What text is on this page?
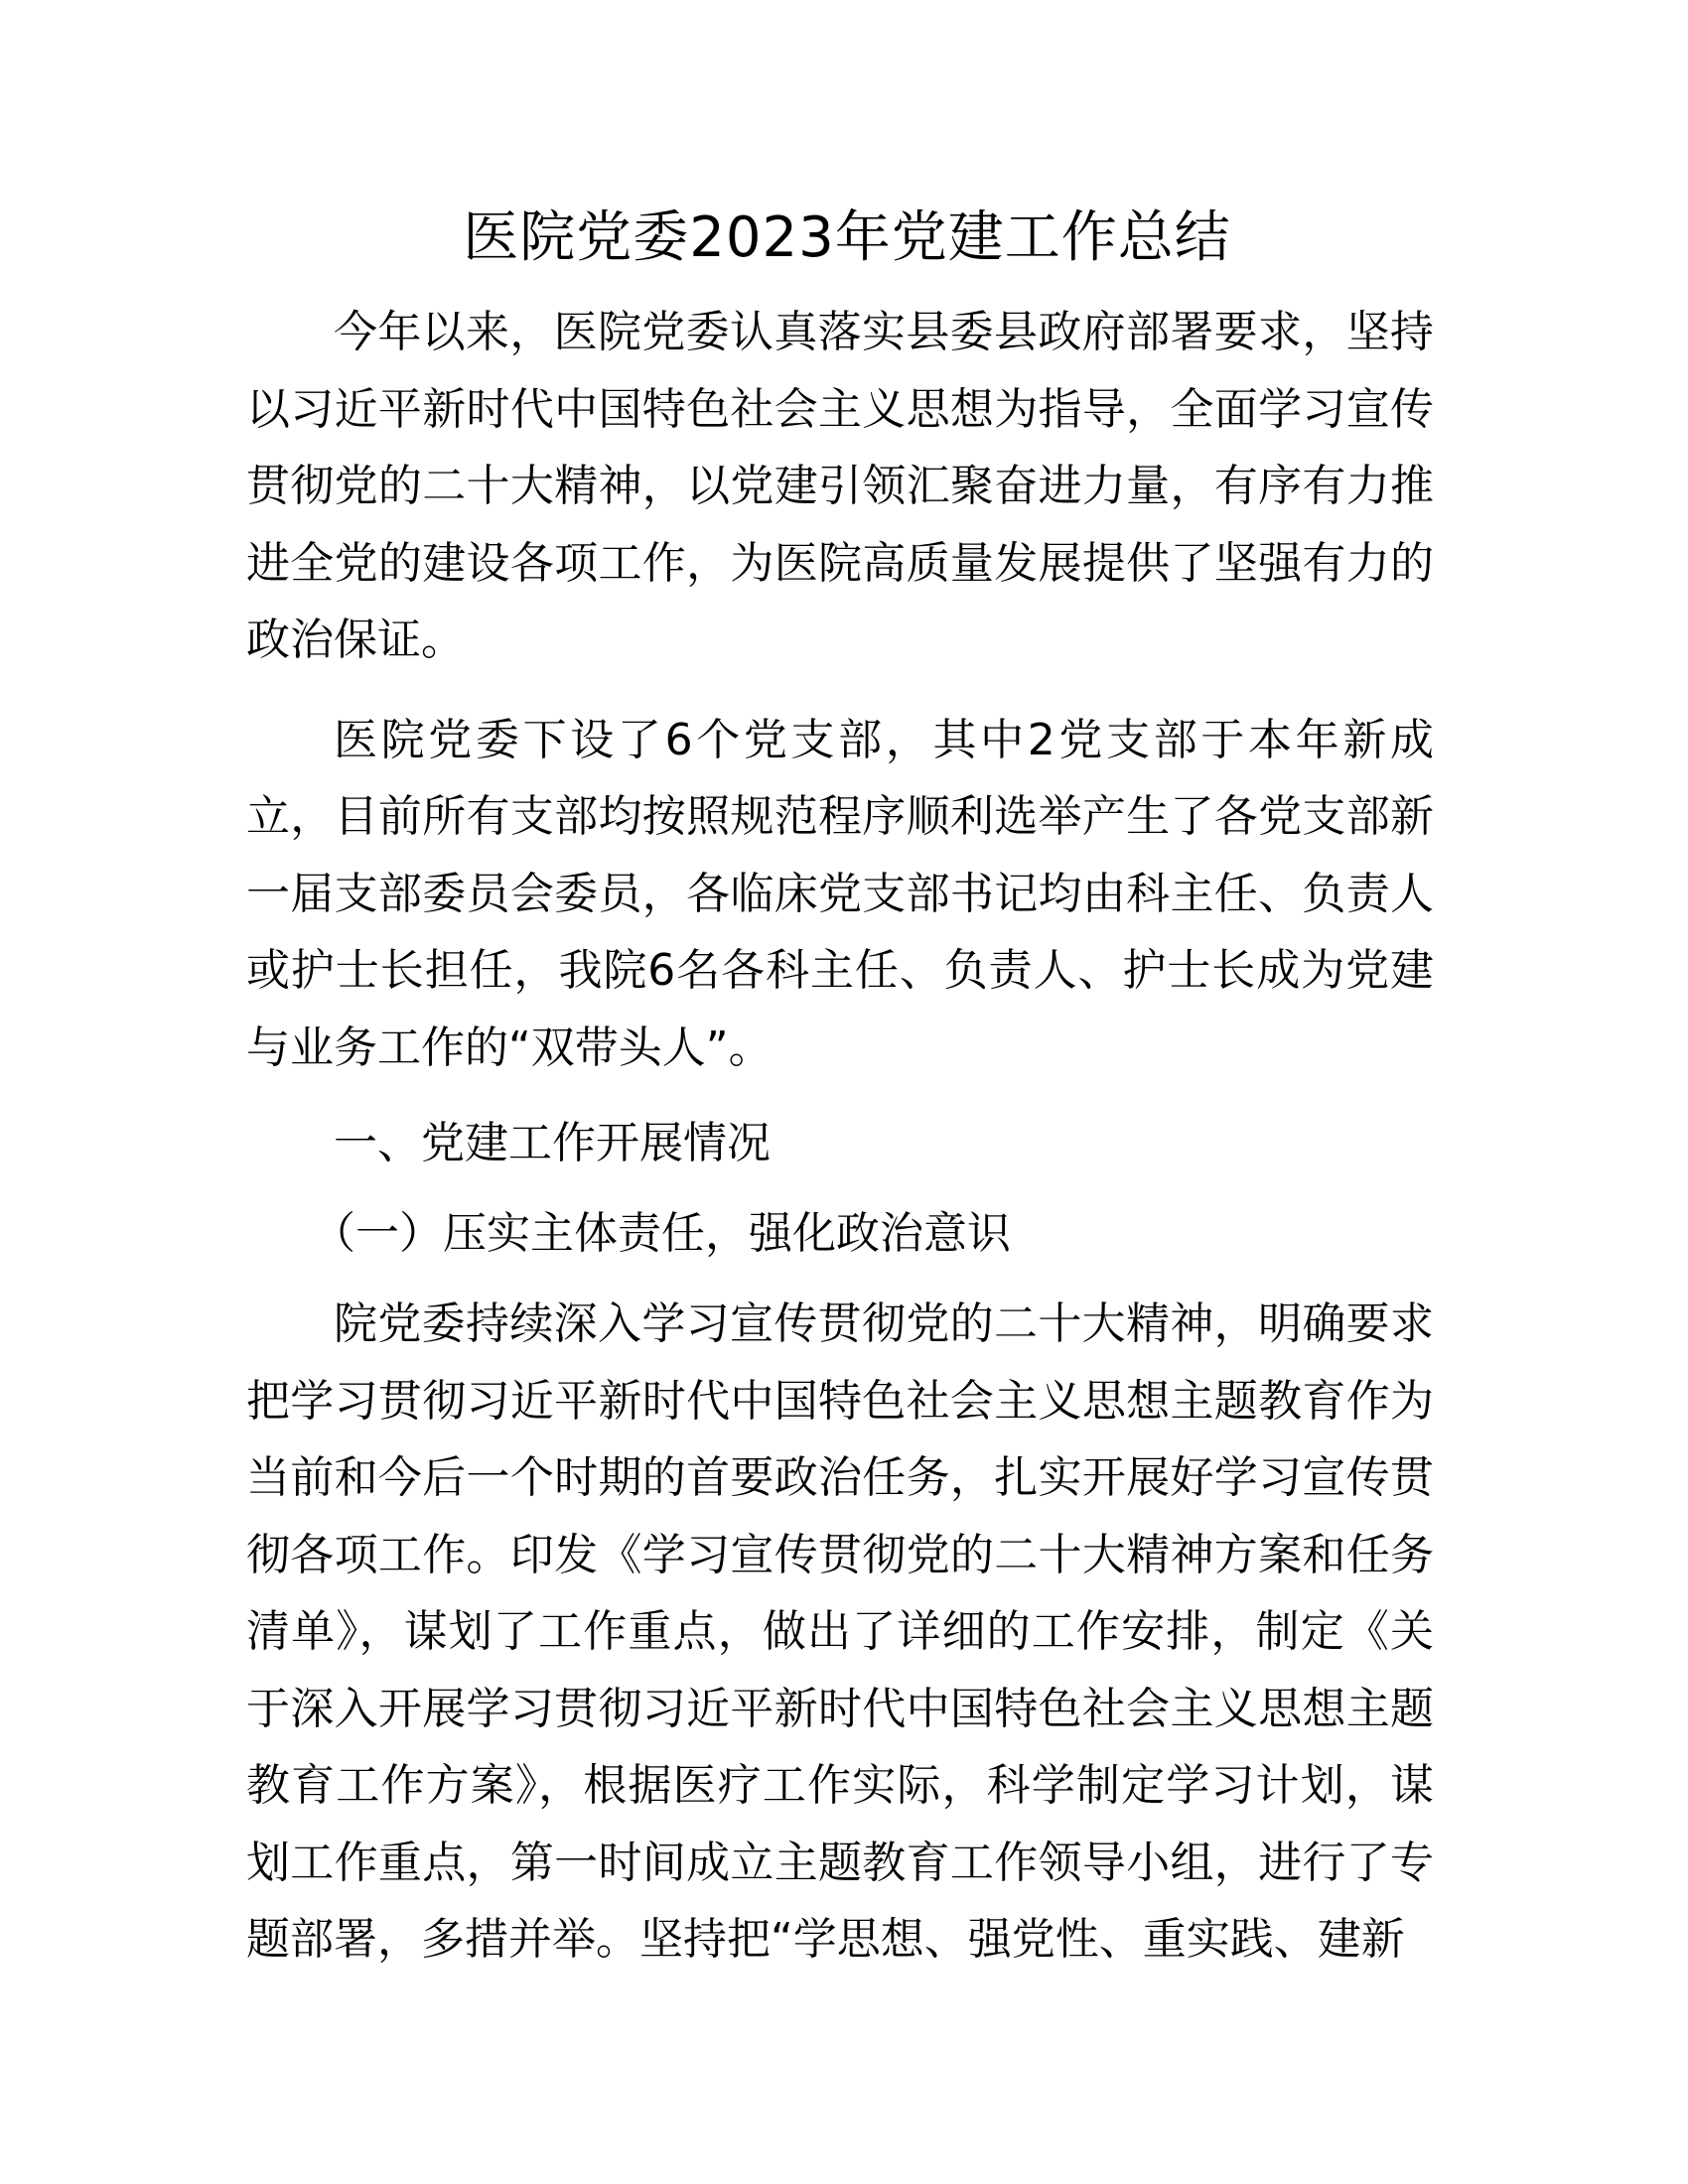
医院党委2023年党建工作总结

今年以来，医院党委认真落实县委县政府部署要求，坚持以习近平新时代中国特色社会主义思想为指导，全面学习宣传贯彻党的二十大精神，以党建引领汇聚奋进力量，有序有力推进全党的建设各项工作，为医院高质量发展提供了坚强有力的政治保证。

医院党委下设了6个党支部，其中2党支部于本年新成立，目前所有支部均按照规范程序顺利选举产生了各党支部新一届支部委员会委员，各临床党支部书记均由科主任、负责人或护士长担任，我院6名各科主任、负责人、护士长成为党建与业务工作的“双带头人”。

一、党建工作开展情况

（一）压实主体责任，强化政治意识

院党委持续深入学习宣传贯彻党的二十大精神，明确要求把学习贯彻习近平新时代中国特色社会主义思想主题教育作为当前和今后一个时期的首要政治任务，扎实开展好学习宣传贯彻各项工作。印发《学习宣传贯彻党的二十大精神方案和任务清单》，谋划了工作重点，做出了详细的工作安排，制定《关于深入开展学习贯彻习近平新时代中国特色社会主义思想主题教育工作方案》，根据医疗工作实际，科学制定学习计划，谋划工作重点，第一时间成立主题教育工作领导小组，进行了专题部署，多措并举。坚持把“学思想、强党性、重实践、建新
